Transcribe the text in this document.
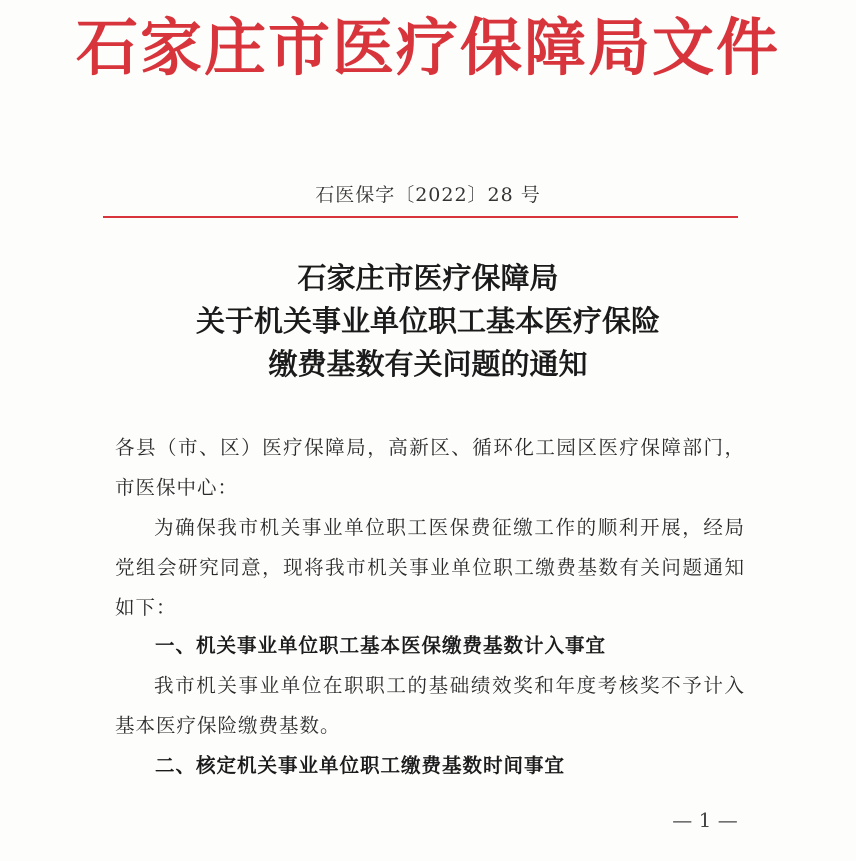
石家庄市医疗保障局文件
石医保字〔2022〕28 号
石家庄市医疗保障局
关于机关事业单位职工基本医疗保险
缴费基数有关问题的通知

各县（市、区）医疗保障局，高新区、循环化工园区医疗保障部门，市医保中心：

为确保我市机关事业单位职工医保费征缴工作的顺利开展，经局党组会研究同意，现将我市机关事业单位职工缴费基数有关问题通知如下：

一、机关事业单位职工基本医保缴费基数计入事宜

我市机关事业单位在职职工的基础绩效奖和年度考核奖不予计入基本医疗保险缴费基数。

二、核定机关事业单位职工缴费基数时间事宜

— 1 —
